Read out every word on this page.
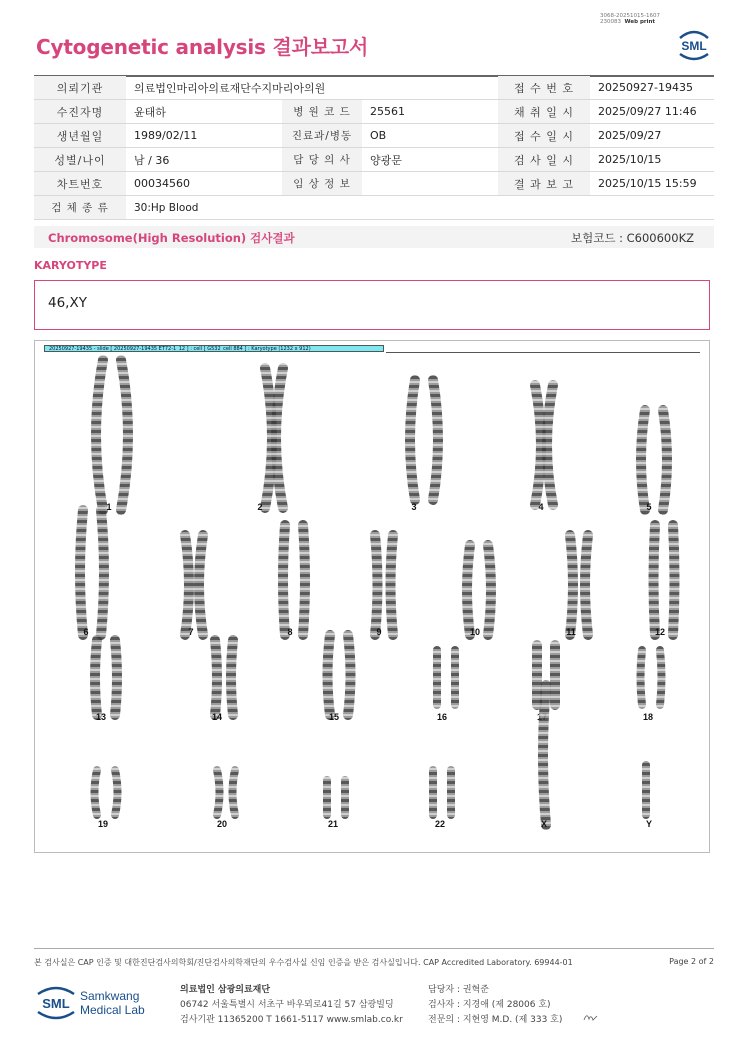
3068-20251015-1607
230083 Web print
Cytogenetic analysis 결과보고서	SML
의뢰기관	의료법인마리아의료재단수지마리아의원			접 수 번 호	20250927-19435
수진자명	윤태하	병 원 코 드	25561	채 취 일 시	2025/09/27 11:46
생년월일	1989/02/11	진료과/병동	OB	접 수 일 시	2025/09/27
성별/나이	남 / 36	담 당 의 사	양광문	검 사 일 시	2025/10/15
차트번호	00034560	임 상 정 보		결 과 보 고	2025/10/15 15:59
검 체 종 류	30:Hp Blood				
Chromosome(High Resolution) 검사결과	보험코드 : C600600KZ
KARYOTYPE
46,XY
20250927-19435 - slide [ 20250927-19435 ET72-1_12 ] : cell [ G532_cell 884 ] : Karyotype (1232 x 912)
1	2	3	4	5
6	7	8	9	10	11	12
13	14	15	16	17	18
19	20	21	22	X	Y
본 검사실은 CAP 인증 및 대한진단검사의학회/진단검사의학재단의 우수검사실 신임 인증을 받은 검사실입니다. CAP Accredited Laboratory. 69944-01	Page 2 of 2
SML Samkwang
Medical Lab
의료법인 삼광의료재단
06742 서울특별시 서초구 바우뫼로41길 57 삼광빌딩
검사기관 11365200 T 1661-5117 www.smlab.co.kr
담당자 : 권혁준
검사자 : 지경애 (제 28006 호)
전문의 : 지현영 M.D. (제 333 호)
